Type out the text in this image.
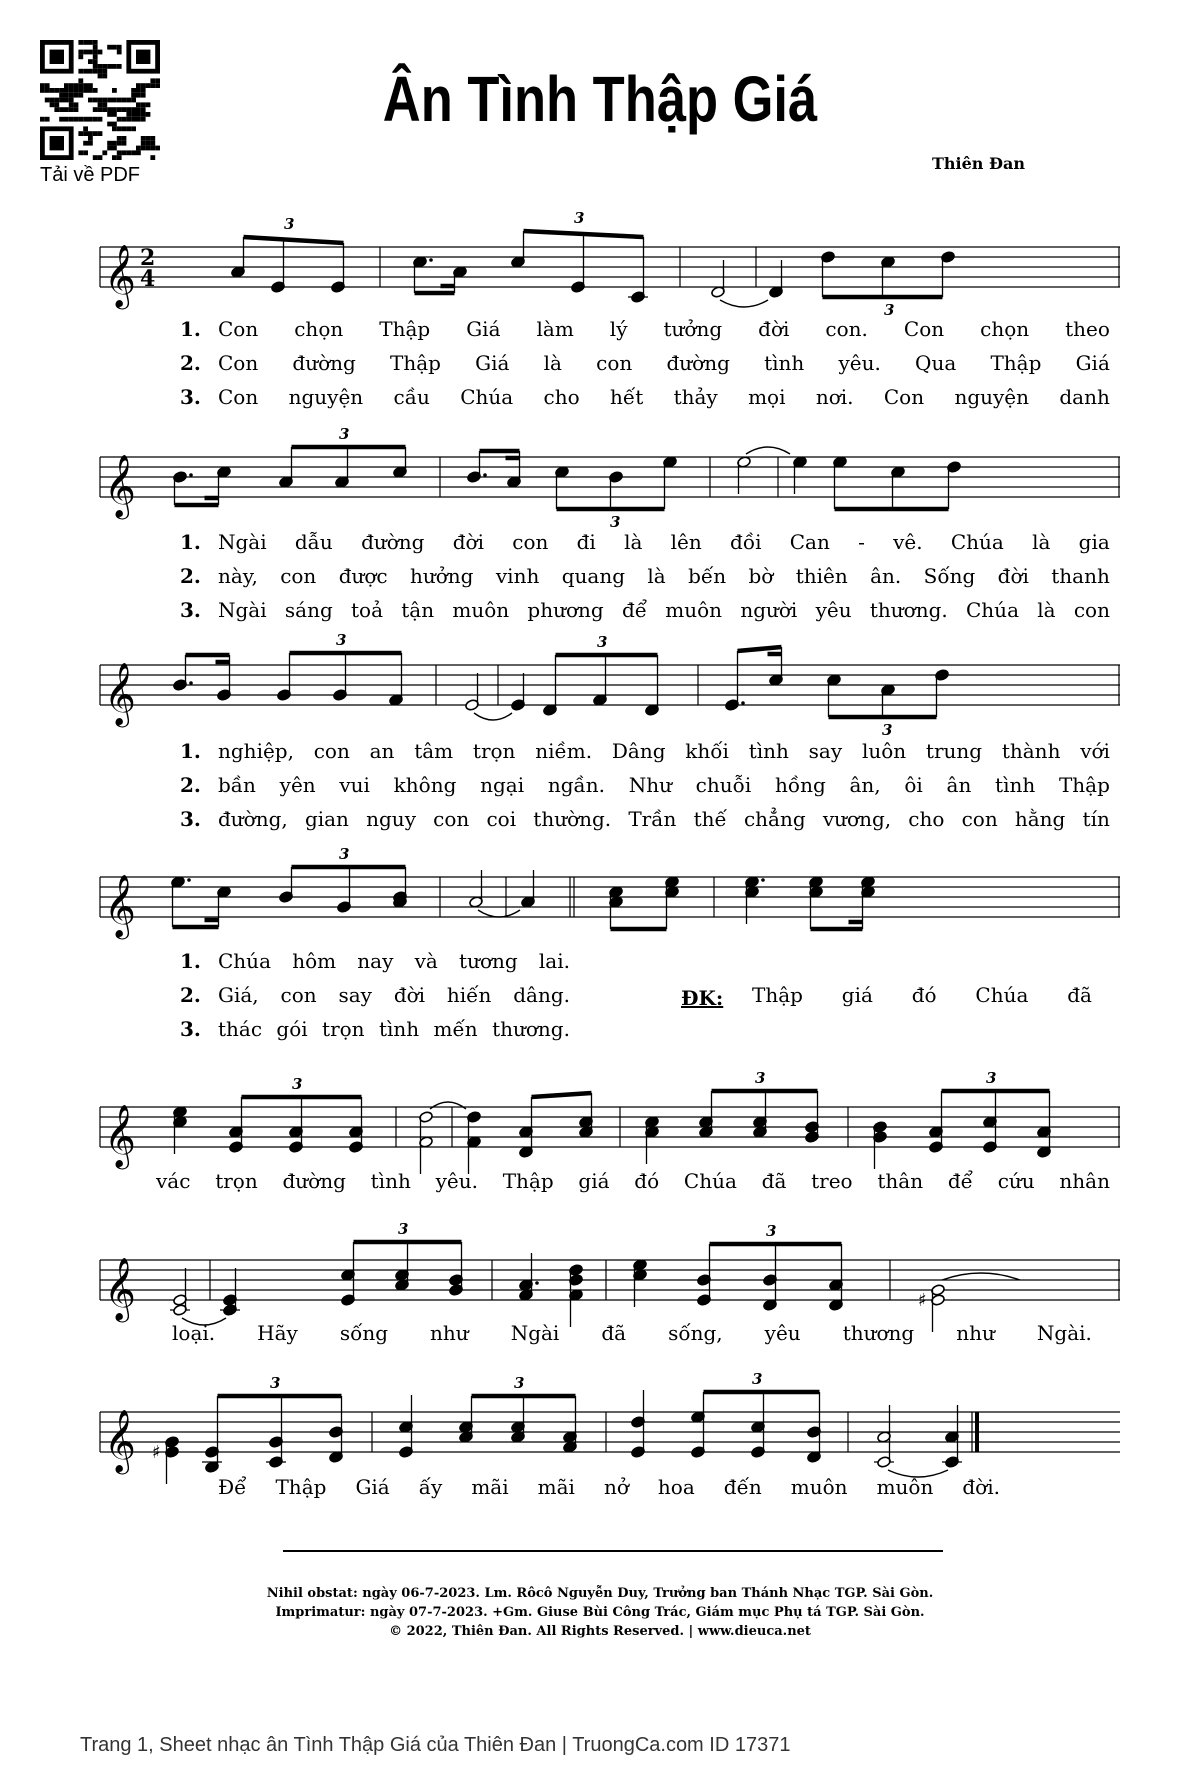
Tải về PDF
Ân Tình Thập Giá
Thiên Đan
𝄞 2
4
3	3
3
𝄞
3
3
𝄞
3	3
3
𝄞
3
𝄞
3	3	3
𝄞
3	3
♯
𝄞 ♯
3	3	3
1. Con chọn Thập Giá làm lý tưởng đời con. Con chọn theo
2. Con đường Thập Giá là con đường tình yêu. Qua Thập Giá
3. Con nguyện cầu Chúa cho hết thảy mọi nơi. Con nguyện danh
1. Ngài dẫu đường đời con đi là lên đồi Can - vê. Chúa là gia
2. này, con được hưởng vinh quang là bến bờ thiên ân. Sống đời thanh
3. Ngài sáng toả tận muôn phương để muôn người yêu thương. Chúa là con
1. nghiệp, con an tâm trọn niềm. Dâng khối tình say luôn trung thành với
2. bần yên vui không ngại ngần. Như chuỗi hồng ân, ôi ân tình Thập
3. đường, gian nguy con coi thường. Trần thế chẳng vương, cho con hằng tín
1. Chúa hôm nay và tương lai.
2. Giá, con say đời hiến dâng.
3. thác gói trọn tình mến thương.
Thập giá đó Chúa đã
vác trọn đường tình yêu. Thập giá đó Chúa đã treo thân để cứu nhân
loại. Hãy sống như Ngài đã sống, yêu thương như Ngài.
Để Thập Giá ấy mãi mãi nở hoa đến muôn muôn đời.
ĐK:
Nihil obstat: ngày 06-7-2023. Lm. Rôcô Nguyễn Duy, Trưởng ban Thánh Nhạc TGP. Sài Gòn.
Imprimatur: ngày 07-7-2023. +Gm. Giuse Bùi Công Trác, Giám mục Phụ tá TGP. Sài Gòn.
© 2022, Thiên Đan. All Rights Reserved. | www.dieuca.net
Trang 1, Sheet nhạc ân Tình Thập Giá của Thiên Đan | TruongCa.com ID 17371
